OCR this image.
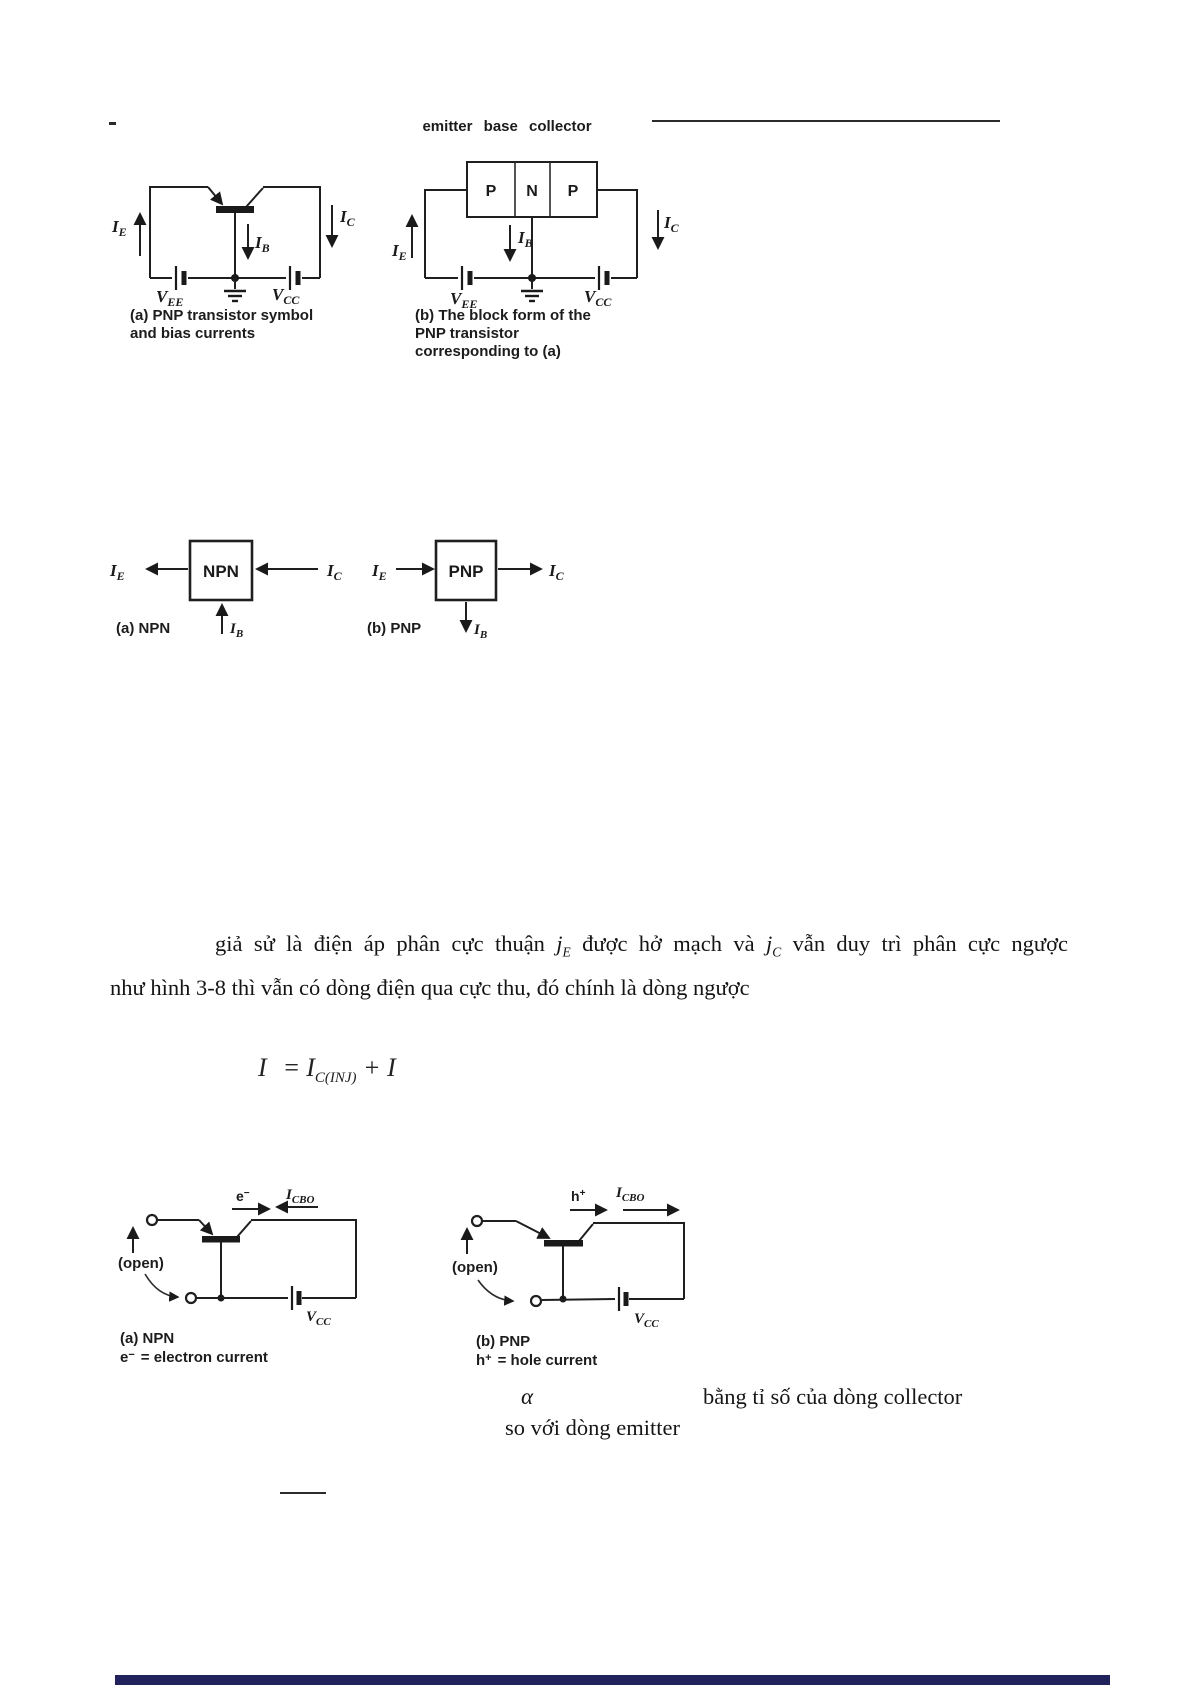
$I_E$
$I_C$
$I_B$
$V_{EE}$	$V_{CC}$
(a) PNP transistor symbol
and bias currents
emitter base collector
P N P
$I_E$
$I_B$
$I_C$
$V_{EE}$	$V_{CC}$
(b) The block form of the
PNP transistor
corresponding to (a)
$I_E$	NPN	$I_C$
(a) NPN	$I_B$
$I_E$	PNP	$I_C$
(b) PNP	$I_B$
giả sử là điện áp phân cực thuận $j_E$ được hở mạch và $j_C$ vẫn duy trì phân cực ngược
như hình 3-8 thì vẫn có dòng điện qua cực thu, đó chính là dòng ngược
$I = I_{C(INJ)} + I$
e− $I_{CBO}$
(open)
$V_{CC}$
(a) NPN
e− = electron current
h+ $I_{CBO}$
(open)
$V_{CC}$
(b) PNP
h+ = hole current
α	bằng tỉ số của dòng collector
so với dòng emitter
